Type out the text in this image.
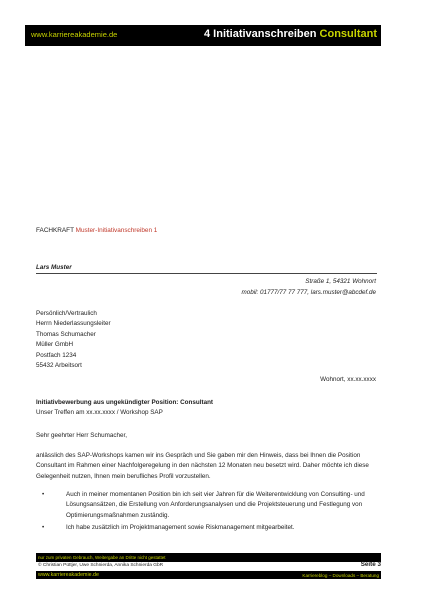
www.karriereakademie.de	4 Initiativanschreiben Consultant
FACHKRAFT Muster-Initiativanschreiben 1
Lars Muster
Straße 1, 54321 Wohnort
mobil: 01777/77 77 777, lars.muster@abcdef.de
Persönlich/Vertraulich
Herrn Niederlassungsleiter
Thomas Schumacher
Müller GmbH
Postfach 1234
55432 Arbeitsort
Wohnort, xx.xx.xxxx
Initiativbewerbung aus ungekündigter Position: Consultant
Unser Treffen am xx.xx.xxxx / Workshop SAP
Sehr geehrter Herr Schumacher,
anlässlich des SAP-Workshops kamen wir ins Gespräch und Sie gaben mir den Hinweis, dass bei Ihnen die Position Consultant im Rahmen einer Nachfolgeregelung in den nächsten 12 Monaten neu besetzt wird. Daher möchte ich diese Gelegenheit nutzen, Ihnen mein berufliches Profil vorzustellen.
•	Auch in meiner momentanen Position bin ich seit vier Jahren für die Weiterentwicklung von Consulting- und Lösungsansätzen, die Erstellung von Anforderungsanalysen und die Projektsteuerung und Festlegung von Optimierungsmaßnahmen zuständig.
•	Ich habe zusätzlich im Projektmanagement sowie Riskmanagement mitgearbeitet.
nur zum privaten Gebrauch, Weitergabe an Dritte nicht gestattet
© Christian Püttjer, Uwe Schnierda, Annika Schnierda GbR	Seite 3
www.karriereakademie.de	Karriereblog – Downloads – Beratung
